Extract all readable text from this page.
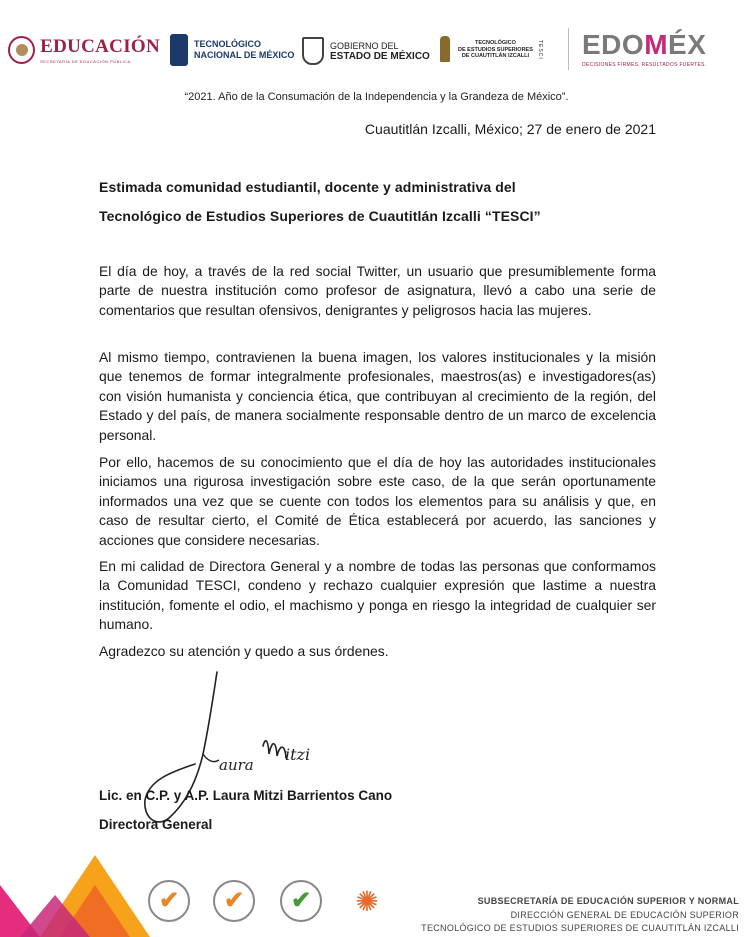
EDUCACIÓN
SECRETARÍA DE EDUCACIÓN PÚBLICA
TECNOLÓGICO
NACIONAL DE MÉXICO
GOBIERNO DEL
ESTADO DE MÉXICO
TECNOLÓGICO
DE ESTUDIOS SUPERIORES
DE CUAUTITLÁN IZCALLI	TESCI EDOMÉX
DECISIONES FIRMES, RESULTADOS FUERTES.
“2021. Año de la Consumación de la Independencia y la Grandeza de México”.
Cuautitlán Izcalli, México; 27 de enero de 2021
Estimada comunidad estudiantil, docente y administrativa del
Tecnológico de Estudios Superiores de Cuautitlán Izcalli “TESCI”

El día de hoy, a través de la red social Twitter, un usuario que presumiblemente forma parte de nuestra institución como profesor de asignatura, llevó a cabo una serie de comentarios que resultan ofensivos, denigrantes y peligrosos hacia las mujeres.

Al mismo tiempo, contravienen la buena imagen, los valores institucionales y la misión que tenemos de formar integralmente profesionales, maestros(as) e investigadores(as) con visión humanista y conciencia ética, que contribuyan al crecimiento de la región, del Estado y del país, de manera socialmente responsable dentro de un marco de excelencia personal.

Por ello, hacemos de su conocimiento que el día de hoy las autoridades institucionales iniciamos una rigurosa investigación sobre este caso, de la que serán oportunamente informados una vez que se cuente con todos los elementos para su análisis y que, en caso de resultar cierto, el Comité de Ética establecerá por acuerdo, las sanciones y acciones que considere necesarias.

En mi calidad de Directora General y a nombre de todas las personas que conformamos la Comunidad TESCI, condeno y rechazo cualquier expresión que lastime a nuestra institución, fomente el odio, el machismo y ponga en riesgo la integridad de cualquier ser humano.

Agradezco su atención y quedo a sus órdenes.

aura
itzi
Lic. en C.P. y A.P. Laura Mitzi Barrientos Cano
Directora General
✔ ✔ ✔ ✺	SUBSECRETARÍA DE EDUCACIÓN SUPERIOR Y NORMAL
DIRECCIÓN GENERAL DE EDUCACIÓN SUPERIOR
TECNOLÓGICO DE ESTUDIOS SUPERIORES DE CUAUTITLÁN IZCALLI
